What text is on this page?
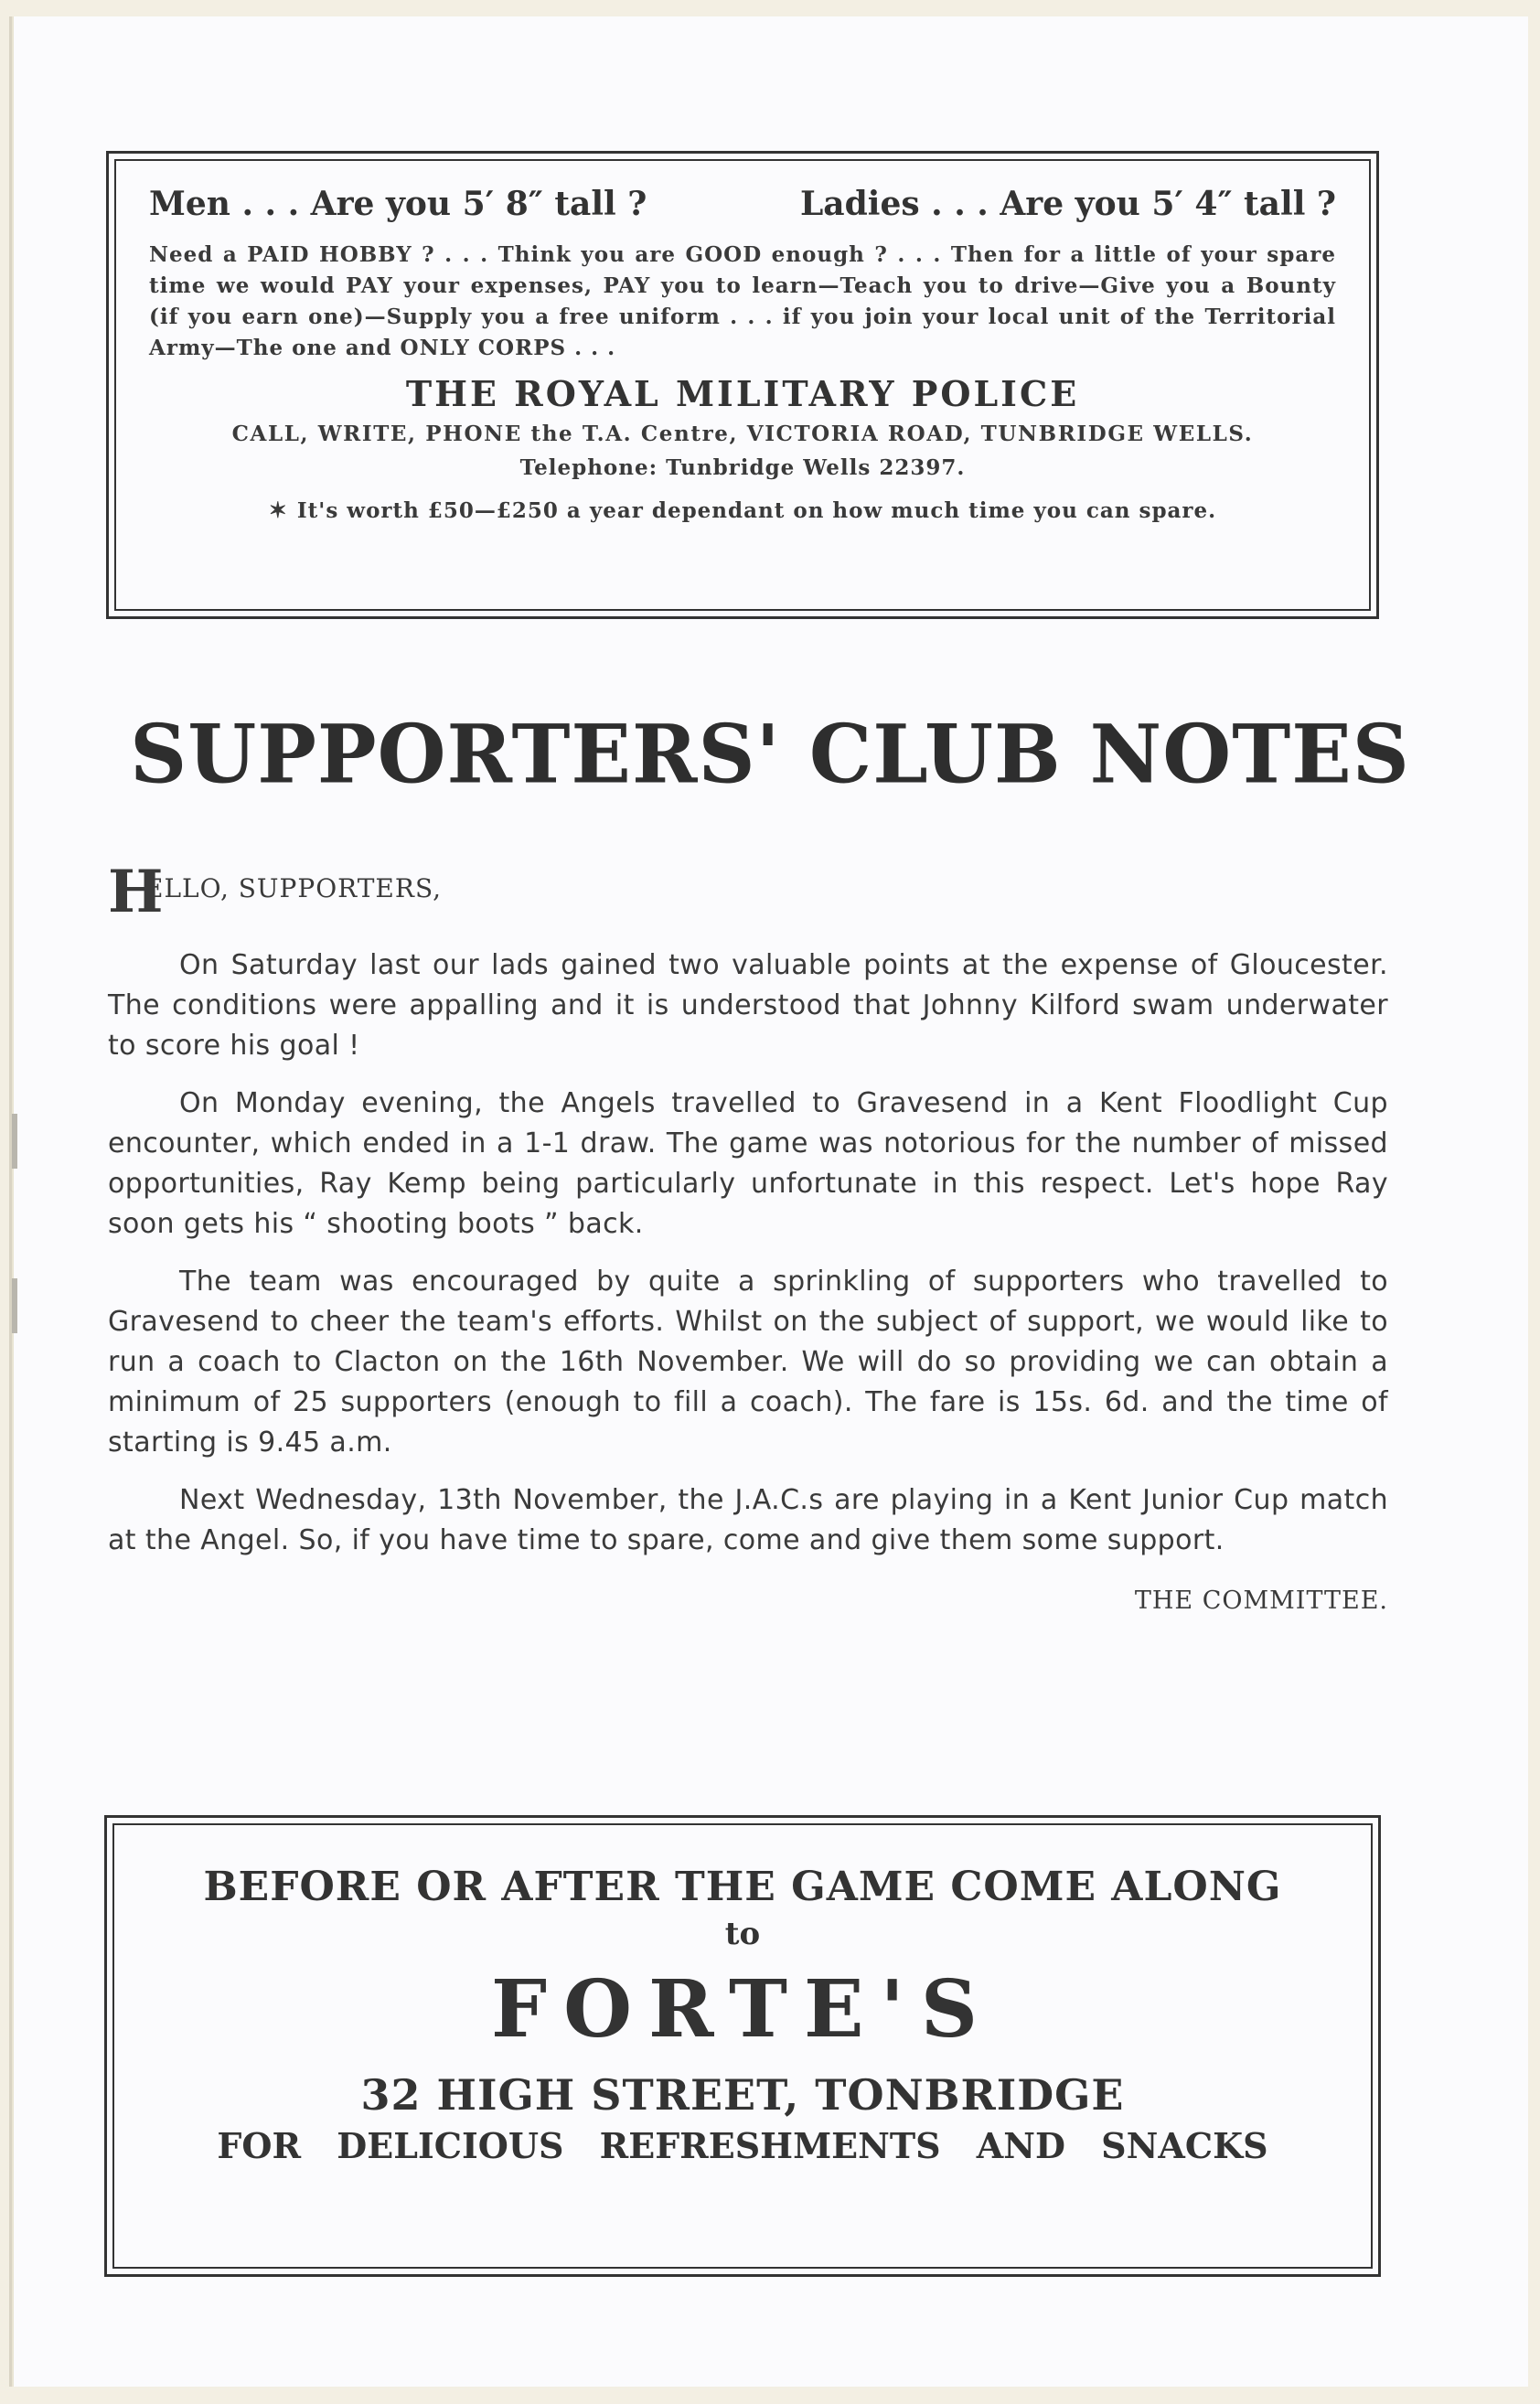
Men . . . Are you 5′ 8″ tall ?	Ladies . . . Are you 5′ 4″ tall ?
Need a PAID HOBBY ? . . . Think you are GOOD enough ? . . . Then for a little of your spare time we would PAY your expenses, PAY you to learn—Teach you to drive—Give you a Bounty (if you earn one)—Supply you a free uniform . . . if you join your local unit of the Territorial Army—The one and ONLY CORPS . . .
THE ROYAL MILITARY POLICE
CALL, WRITE, PHONE the T.A. Centre, VICTORIA ROAD, TUNBRIDGE WELLS.
Telephone: Tunbridge Wells 22397.
✶ It's worth £50—£250 a year dependant on how much time you can spare.
SUPPORTERS' CLUB NOTES
H
ELLO, SUPPORTERS,

On Saturday last our lads gained two valuable points at the expense of Gloucester. The conditions were appalling and it is understood that Johnny Kilford swam underwater to score his goal !

On Monday evening, the Angels travelled to Gravesend in a Kent Floodlight Cup encounter, which ended in a 1-1 draw. The game was notorious for the number of missed opportunities, Ray Kemp being particularly unfortunate in this respect. Let's hope Ray soon gets his “ shooting boots ” back.

The team was encouraged by quite a sprinkling of supporters who travelled to Gravesend to cheer the team's efforts. Whilst on the subject of support, we would like to run a coach to Clacton on the 16th November. We will do so providing we can obtain a minimum of 25 supporters (enough to fill a coach). The fare is 15s. 6d. and the time of starting is 9.45 a.m.

Next Wednesday, 13th November, the J.A.C.s are playing in a Kent Junior Cup match at the Angel. So, if you have time to spare, come and give them some support.

THE COMMITTEE.
BEFORE OR AFTER THE GAME COME ALONG
to
FORTE'S
32 HIGH STREET, TONBRIDGE
FOR DELICIOUS REFRESHMENTS AND SNACKS
